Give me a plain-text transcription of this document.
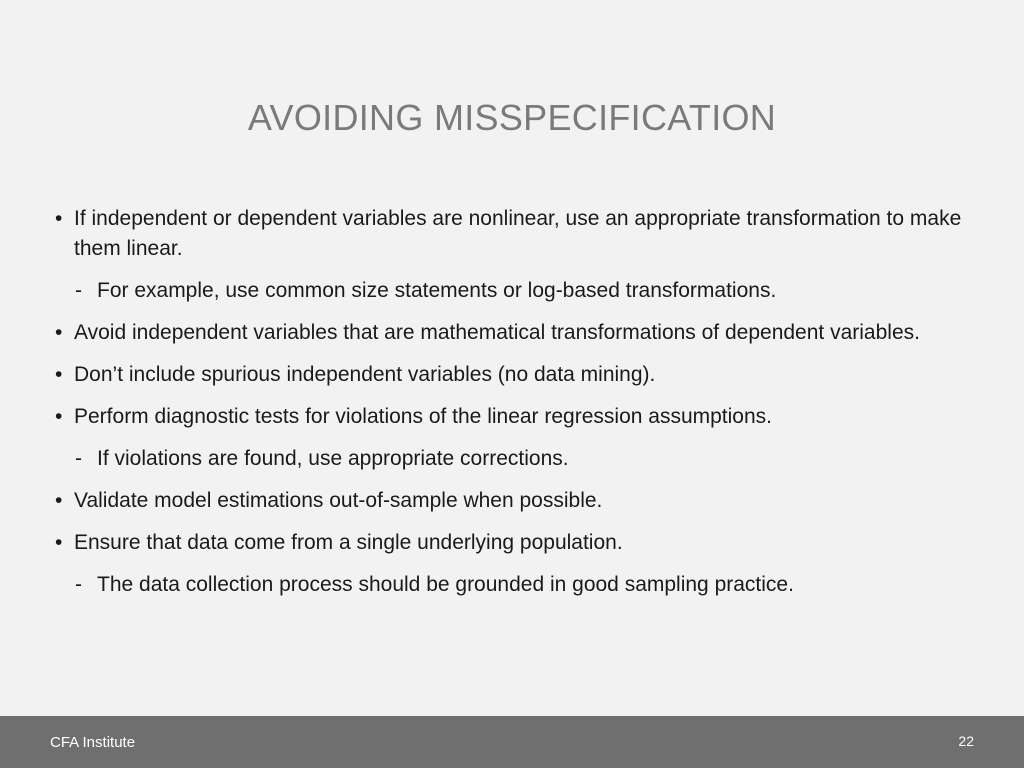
AVOIDING MISSPECIFICATION
• If independent or dependent variables are nonlinear, use an appropriate transformation to make them linear.
- For example, use common size statements or log-based transformations.
• Avoid independent variables that are mathematical transformations of dependent variables.
• Don’t include spurious independent variables (no data mining).
• Perform diagnostic tests for violations of the linear regression assumptions.
- If violations are found, use appropriate corrections.
• Validate model estimations out-of-sample when possible.
• Ensure that data come from a single underlying population.
- The data collection process should be grounded in good sampling practice.
CFA Institute	22
